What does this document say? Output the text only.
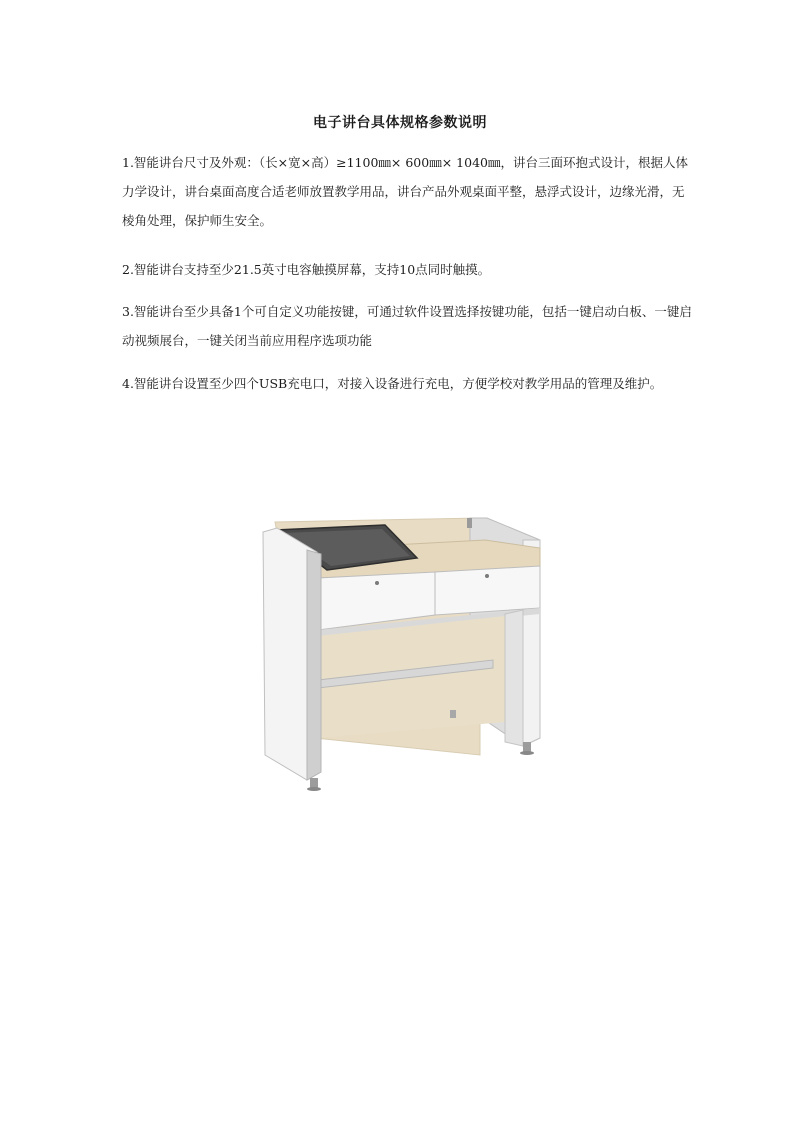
电子讲台具体规格参数说明

1.智能讲台尺寸及外观：（长×宽×高）≥1100㎜× 600㎜× 1040㎜，讲台三面环抱式设计，根据人体力学设计，讲台桌面高度合适老师放置教学用品，讲台产品外观桌面平整，悬浮式设计，边缘光滑，无棱角处理，保护师生安全。

2.智能讲台支持至少21.5英寸电容触摸屏幕，支持10点同时触摸。

3.智能讲台至少具备1个可自定义功能按键，可通过软件设置选择按键功能，包括一键启动白板、一键启动视频展台，一键关闭当前应用程序选项功能

4.智能讲台设置至少四个USB充电口，对接入设备进行充电，方便学校对教学用品的管理及维护。
